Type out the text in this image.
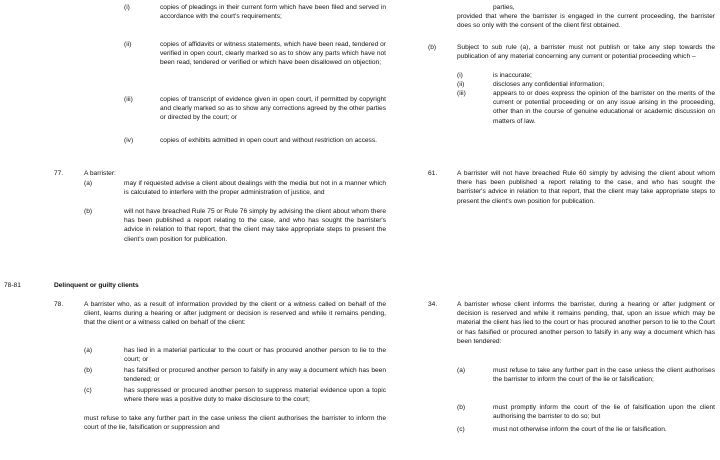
(i)	copies of pleadings in their current form which have been filed and served in accordance with the court's requirements;
(ii)	copies of affidavits or witness statements, which have been read, tendered or verified in open court, clearly marked so as to show any parts which have not been read, tendered or verified or which have been disallowed on objection;
(iii)	copies of transcript of evidence given in open court, if permitted by copyright and clearly marked so as to show any corrections agreed by the other parties or directed by the court; or
(iv)	copies of exhibits admitted in open court and without restriction on access.
77.	A barrister:
(a)	may if requested advise a client about dealings with the media but not in a manner which is calculated to interfere with the proper administration of justice, and
(b)	will not have breached Rule 75 or Rule 76 simply by advising the client about whom there has been published a report relating to the case, and who has sought the barrister's advice in relation to that report, that the client may take appropriate steps to present the client's own position for publication.
78-81	Delinquent or guilty clients
78.	A barrister who, as a result of information provided by the client or a witness called on behalf of the client, learns during a hearing or after judgment or decision is reserved and while it remains pending, that the client or a witness called on behalf of the client:
(a)	has lied in a material particular to the court or has procured another person to lie to the court; or
(b)	has falsified or procured another person to falsify in any way a document which has been tendered; or
(c)	has suppressed or procured another person to suppress material evidence upon a topic where there was a positive duty to make disclosure to the court;
must refuse to take any further part in the case unless the client authorises the barrister to inform the court of the lie, falsification or suppression and
parties,
provided that where the barrister is engaged in the current proceeding, the barrister does so only with the consent of the client first obtained.
(b)	Subject to sub rule (a), a barrister must not publish or take any step towards the publication of any material concerning any current or potential proceeding which –
(i)	is inaccurate;
(ii)	discloses any confidential information;
(iii)	appears to or does express the opinion of the barrister on the merits of the current or potential proceeding or on any issue arising in the proceeding, other than in the course of genuine educational or academic discussion on matters of law.
61.	A barrister will not have breached Rule 60 simply by advising the client about whom there has been published a report relating to the case, and who has sought the barrister's advice in relation to that report, that the client may take appropriate steps to present the client's own position for publication.
34.	A barrister whose client informs the barrister, during a hearing or after judgment or decision is reserved and while it remains pending, that, upon an issue which may be material the client has lied to the court or has procured another person to lie to the Court or has falsified or procured another person to falsify in any way a document which has been tendered:
(a)	must refuse to take any further part in the case unless the client authorises the barrister to inform the court of the lie or falsification;
(b)	must promptly inform the court of the lie of falsification upon the client authorising the barrister to do so; but
(c)	must not otherwise inform the court of the lie or falsification.
